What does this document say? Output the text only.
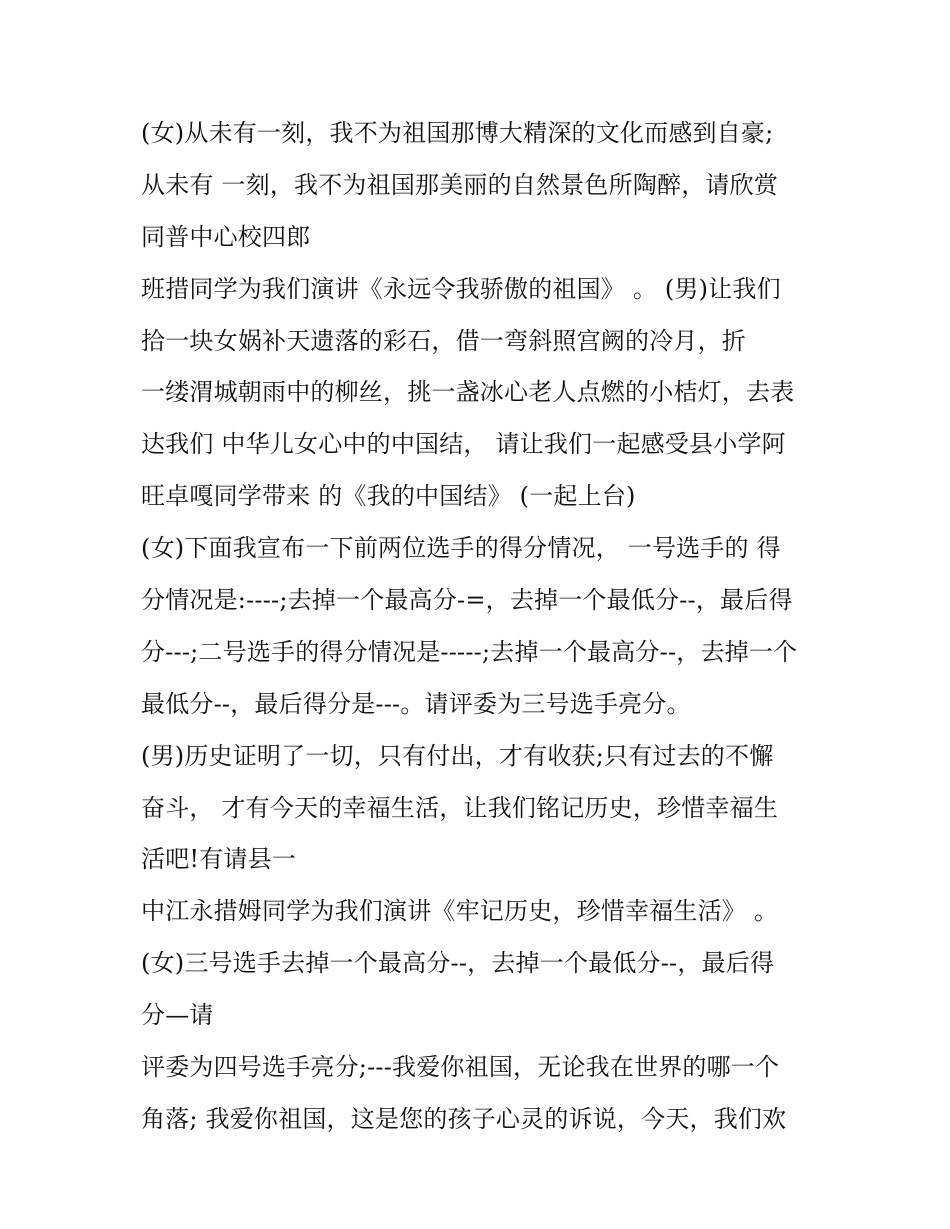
(女)从未有一刻，我不为祖国那博大精深的文化而感到自豪;
从未有 一刻，我不为祖国那美丽的自然景色所陶醉，请欣赏
同普中心校四郎
班措同学为我们演讲《永远令我骄傲的祖国》 。 (男)让我们
拾一块女娲补天遗落的彩石，借一弯斜照宫阙的冷月，折
一缕渭城朝雨中的柳丝，挑一盏冰心老人点燃的小桔灯，去表
达我们 中华儿女心中的中国结， 请让我们一起感受县小学阿
旺卓嘎同学带来 的《我的中国结》 (一起上台)
(女)下面我宣布一下前两位选手的得分情况， 一号选手的 得
分情况是:----;去掉一个最高分-=，去掉一个最低分--，最后得
分---;二号选手的得分情况是-----;去掉一个最高分--，去掉一个
最低分--，最后得分是---。请评委为三号选手亮分。
(男)历史证明了一切，只有付出，才有收获;只有过去的不懈
奋斗， 才有今天的幸福生活，让我们铭记历史，珍惜幸福生
活吧!有请县一
中江永措姆同学为我们演讲《牢记历史，珍惜幸福生活》 。
(女)三号选手去掉一个最高分--，去掉一个最低分--，最后得
分—请
评委为四号选手亮分;---我爱你祖国，无论我在世界的哪一个
角落; 我爱你祖国，这是您的孩子心灵的诉说，今天，我们欢
